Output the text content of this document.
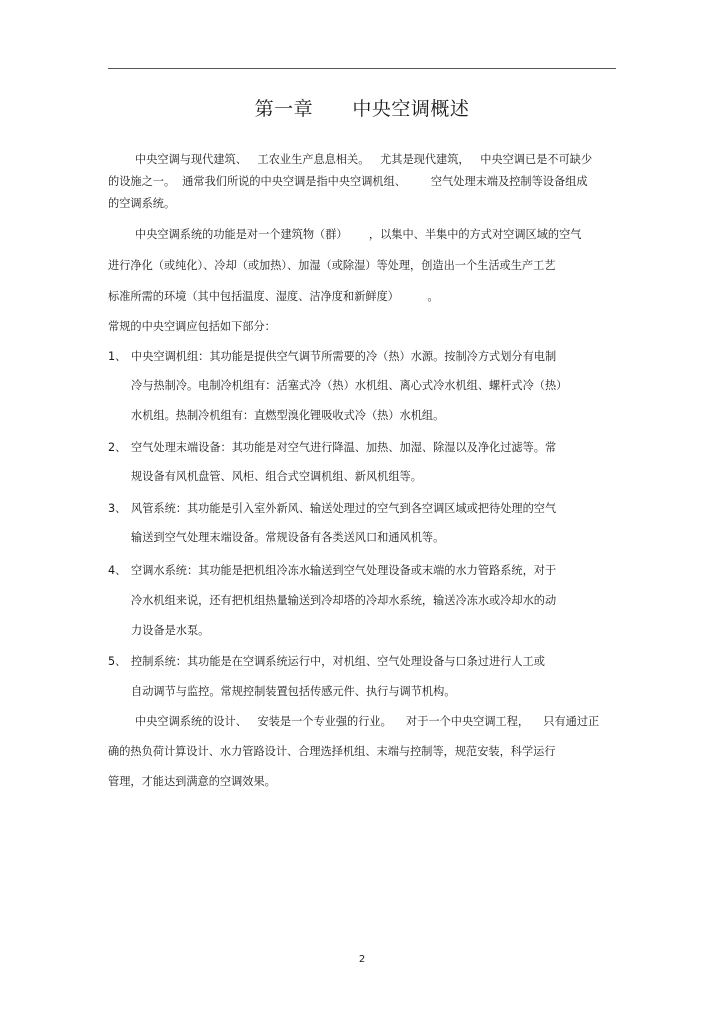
第一章      中央空调概述
中央空调与现代建筑、   工农业生产息息相关。   尤其是现代建筑，   中央空调已是不可缺少
的设施之一。  通常我们所说的中央空调是指中央空调机组、       空气处理末端及控制等设备组成
的空调系统。
中央空调系统的功能是对一个建筑物（群）      ，以集中、半集中的方式对空调区域的空气
进行净化（或纯化）、冷却（或加热）、加湿（或除湿）等处理，创造出一个生活或生产工艺
标准所需的环境（其中包括温度、湿度、洁净度和新鲜度）        。
常规的中央空调应包括如下部分：
1、 中央空调机组：其功能是提供空气调节所需要的冷（热）水源。按制冷方式划分有电制
冷与热制冷。电制冷机组有：活塞式冷（热）水机组、离心式冷水机组、螺杆式冷（热）
水机组。热制冷机组有：直燃型溴化锂吸收式冷（热）水机组。
2、 空气处理末端设备：其功能是对空气进行降温、加热、加湿、除湿以及净化过滤等。常
规设备有风机盘管、风柜、组合式空调机组、新风机组等。
3、 风管系统：其功能是引入室外新风、输送处理过的空气到各空调区域或把待处理的空气
输送到空气处理末端设备。常规设备有各类送风口和通风机等。
4、 空调水系统：其功能是把机组冷冻水输送到空气处理设备或末端的水力管路系统，对于
冷水机组来说，还有把机组热量输送到冷却塔的冷却水系统，输送冷冻水或冷却水的动
力设备是水泵。
5、 控制系统：其功能是在空调系统运行中，对机组、空气处理设备与口条过进行人工或
自动调节与监控。常规控制装置包括传感元件、执行与调节机构。
中央空调系统的设计、   安装是一个专业强的行业。    对于一个中央空调工程，    只有通过正
确的热负荷计算设计、水力管路设计、合理选择机组、末端与控制等，规范安装，科学运行
管理，才能达到满意的空调效果。
2
